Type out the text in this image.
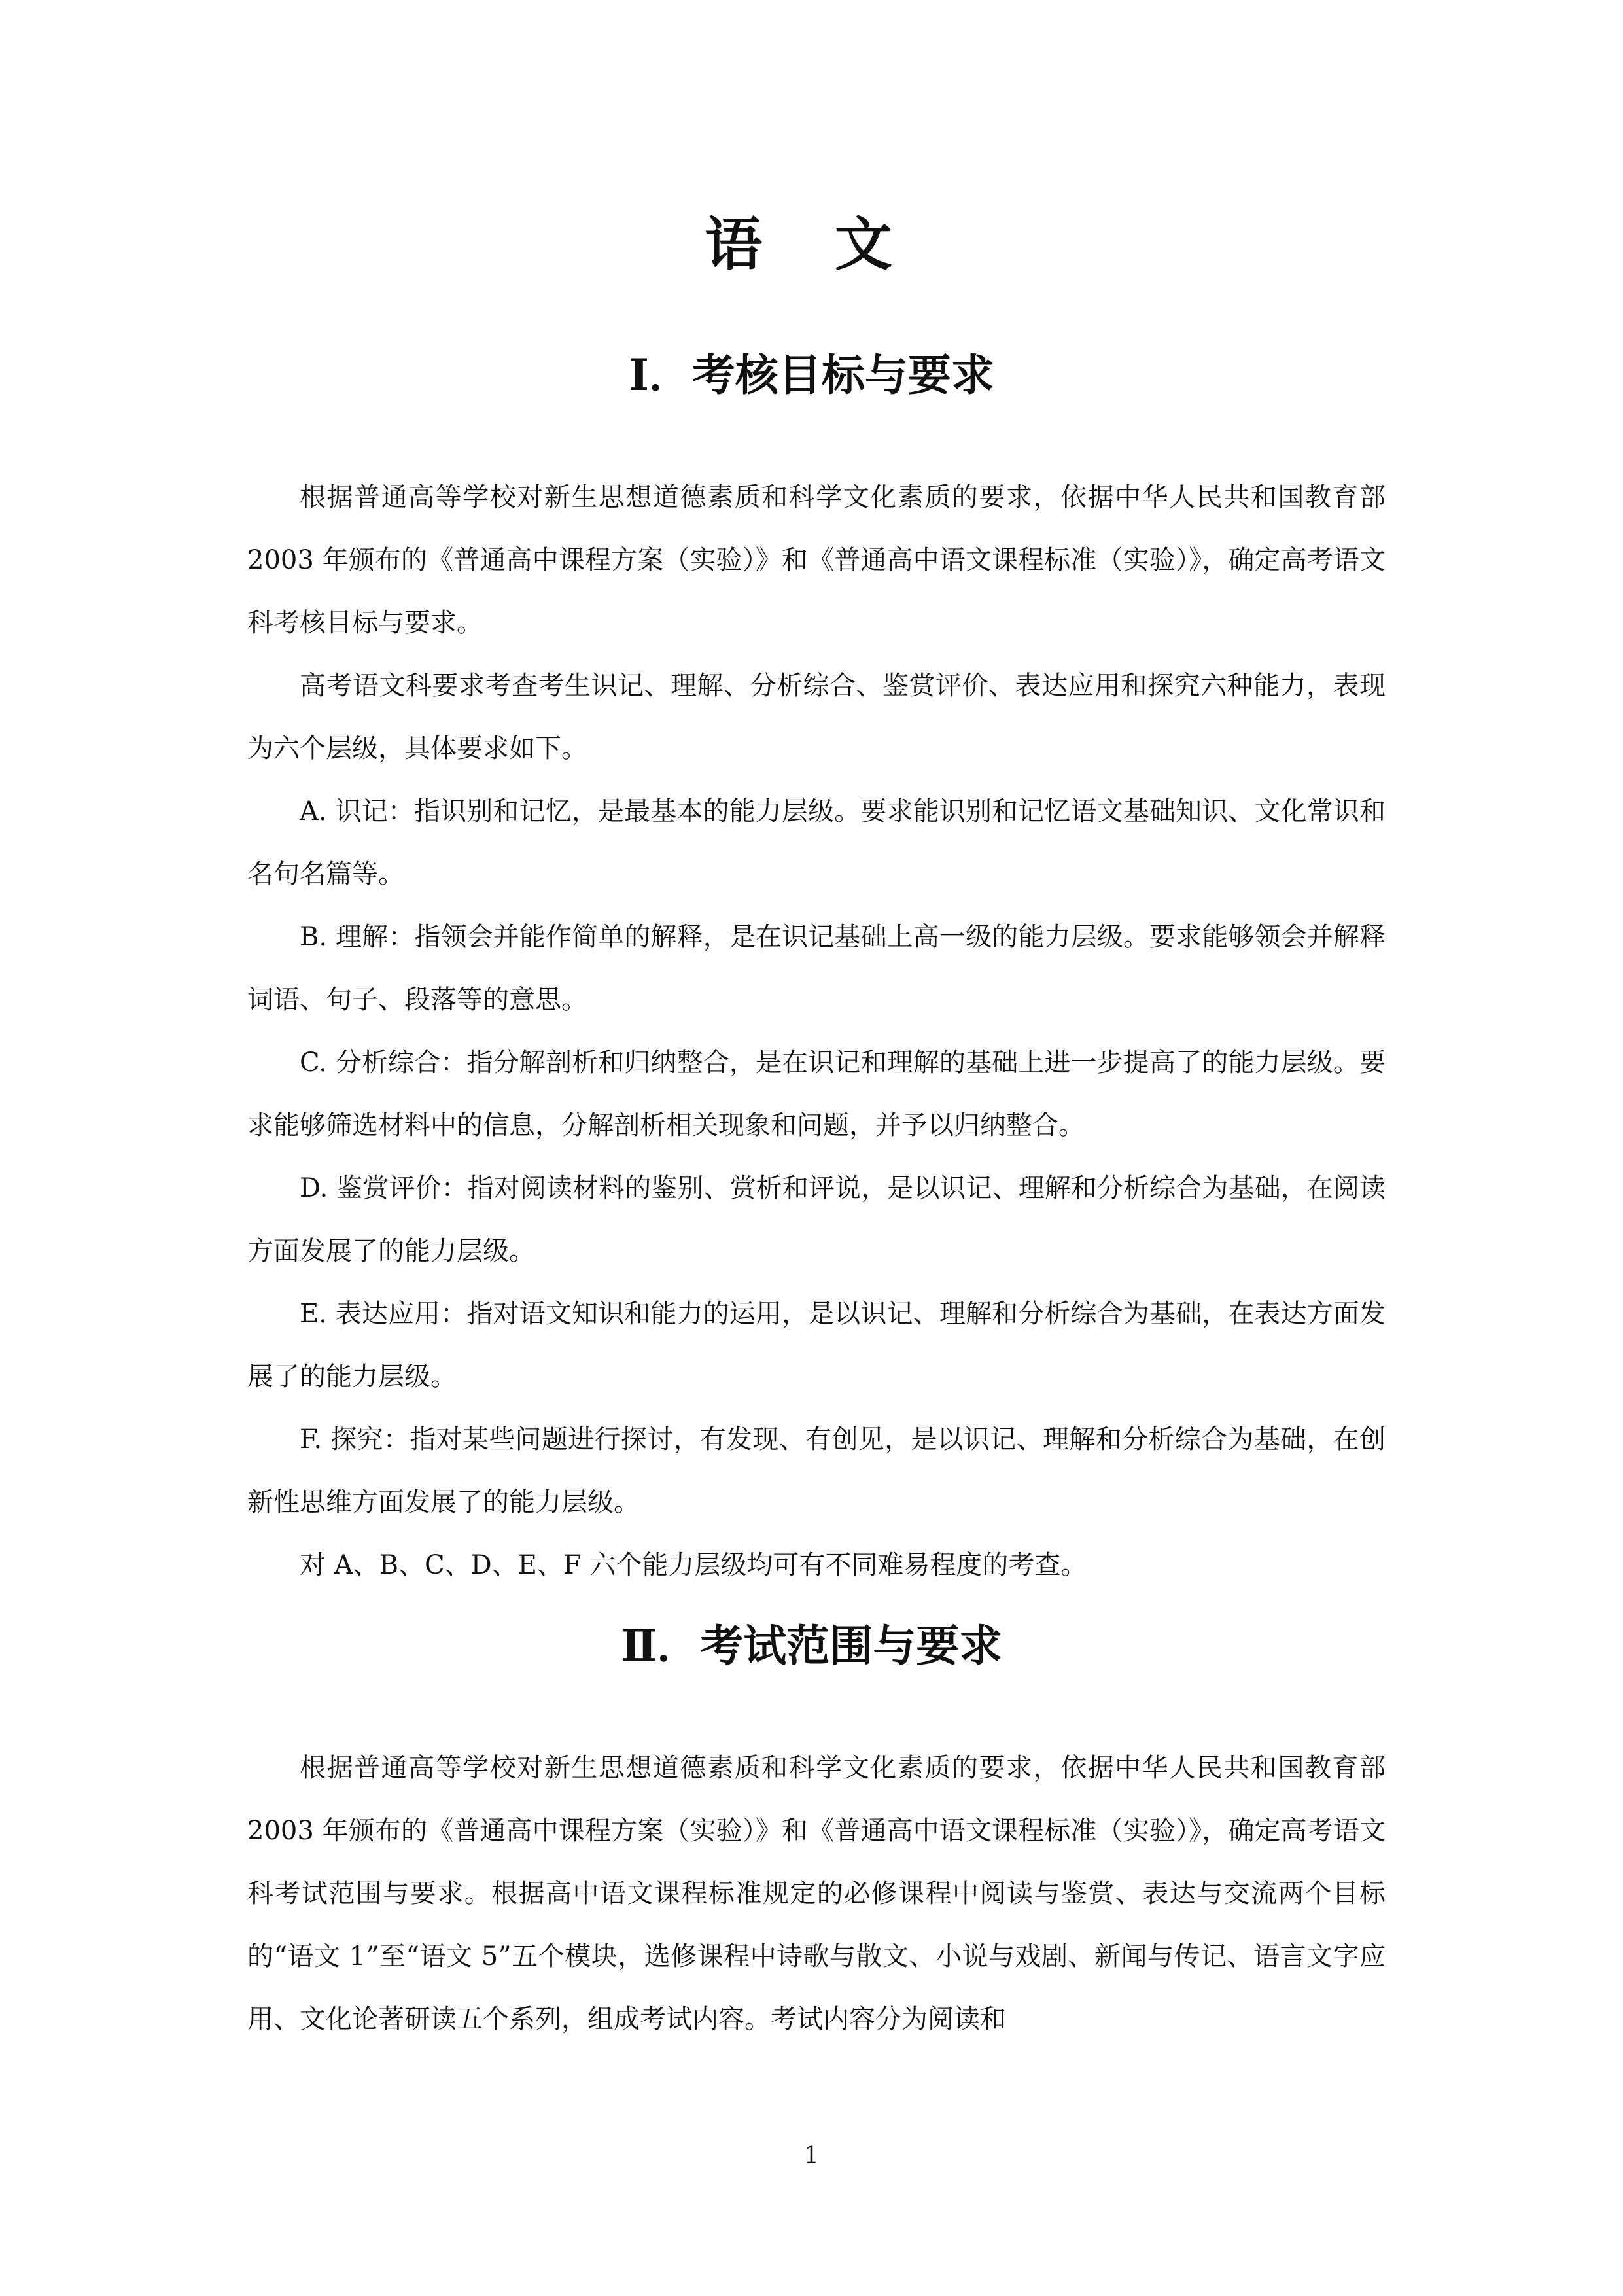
语 文
Ⅰ．考核目标与要求

根据普通高等学校对新生思想道德素质和科学文化素质的要求，依据中华人民共和国教育部 2003 年颁布的《普通高中课程方案（实验）》和《普通高中语文课程标准（实验）》，确定高考语文科考核目标与要求。

高考语文科要求考查考生识记、理解、分析综合、鉴赏评价、表达应用和探究六种能力，表现为六个层级，具体要求如下。

A. 识记：指识别和记忆，是最基本的能力层级。要求能识别和记忆语文基础知识、文化常识和名句名篇等。

B. 理解：指领会并能作简单的解释，是在识记基础上高一级的能力层级。要求能够领会并解释词语、句子、段落等的意思。

C. 分析综合：指分解剖析和归纳整合，是在识记和理解的基础上进一步提高了的能力层级。要求能够筛选材料中的信息，分解剖析相关现象和问题，并予以归纳整合。

D. 鉴赏评价：指对阅读材料的鉴别、赏析和评说，是以识记、理解和分析综合为基础，在阅读方面发展了的能力层级。

E. 表达应用：指对语文知识和能力的运用，是以识记、理解和分析综合为基础，在表达方面发展了的能力层级。

F. 探究：指对某些问题进行探讨，有发现、有创见，是以识记、理解和分析综合为基础，在创新性思维方面发展了的能力层级。

对 A、B、C、D、E、F 六个能力层级均可有不同难易程度的考查。

Ⅱ．考试范围与要求

根据普通高等学校对新生思想道德素质和科学文化素质的要求，依据中华人民共和国教育部 2003 年颁布的《普通高中课程方案（实验）》和《普通高中语文课程标准（实验）》，确定高考语文科考试范围与要求。根据高中语文课程标准规定的必修课程中阅读与鉴赏、表达与交流两个目标的“语文 1”至“语文 5”五个模块，选修课程中诗歌与散文、小说与戏剧、新闻与传记、语言文字应用、文化论著研读五个系列，组成考试内容。考试内容分为阅读和

1
